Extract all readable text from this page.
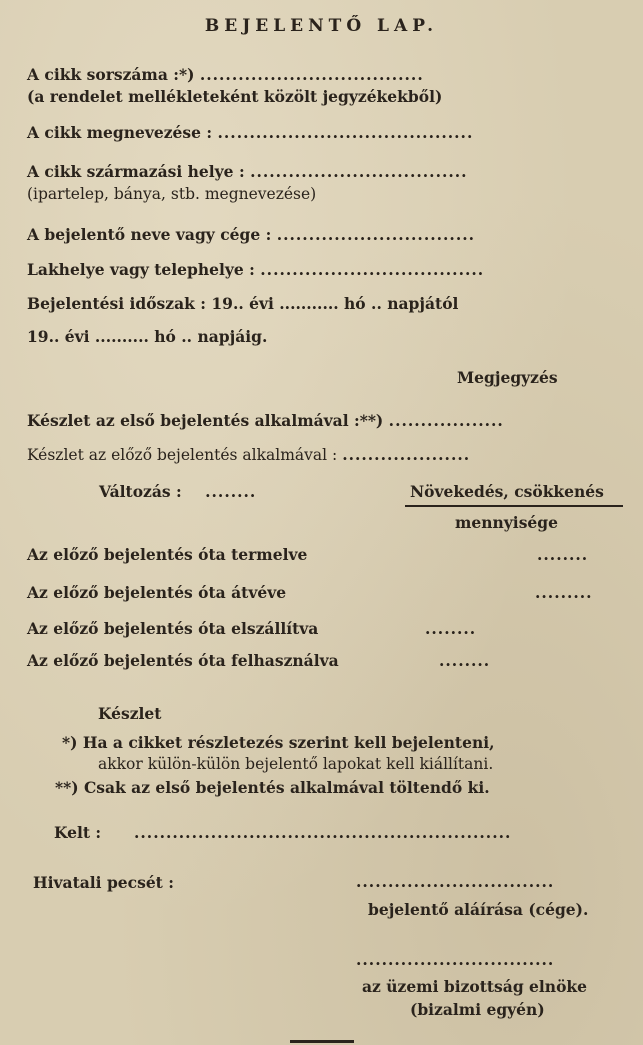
BEJELENTŐ LAP.
A cikk sorszáma :*) ...................................
(a rendelet mellékleteként közölt jegyzékekből)
A cikk megnevezése : ........................................
A cikk származási helye : ..................................
(ipartelep, bánya, stb. megnevezése)
A bejelentő neve vagy cége : ...............................
Lakhelye vagy telephelye : ...................................
Bejelentési időszak : 19.. évi ........... hó .. napjától
19.. évi .......... hó .. napjáig.
Megjegyzés
Készlet az első bejelentés alkalmával :**) ..................
Készlet az előző bejelentés alkalmával : ....................
Változás : ........	Növekedés, csökkenés
mennyisége
Az előző bejelentés óta termelve	........
Az előző bejelentés óta átvéve	.........
Az előző bejelentés óta elszállítva	........
Az előző bejelentés óta felhasználva	........
Készlet
*) Ha a cikket részletezés szerint kell bejelenteni,
akkor külön-külön bejelentő lapokat kell kiállítani.
**) Csak az első bejelentés alkalmával töltendő ki.
Kelt : ...........................................................
Hivatali pecsét :	...............................
bejelentő aláírása (cége).
...............................
az üzemi bizottság elnöke
(bizalmi egyén)
